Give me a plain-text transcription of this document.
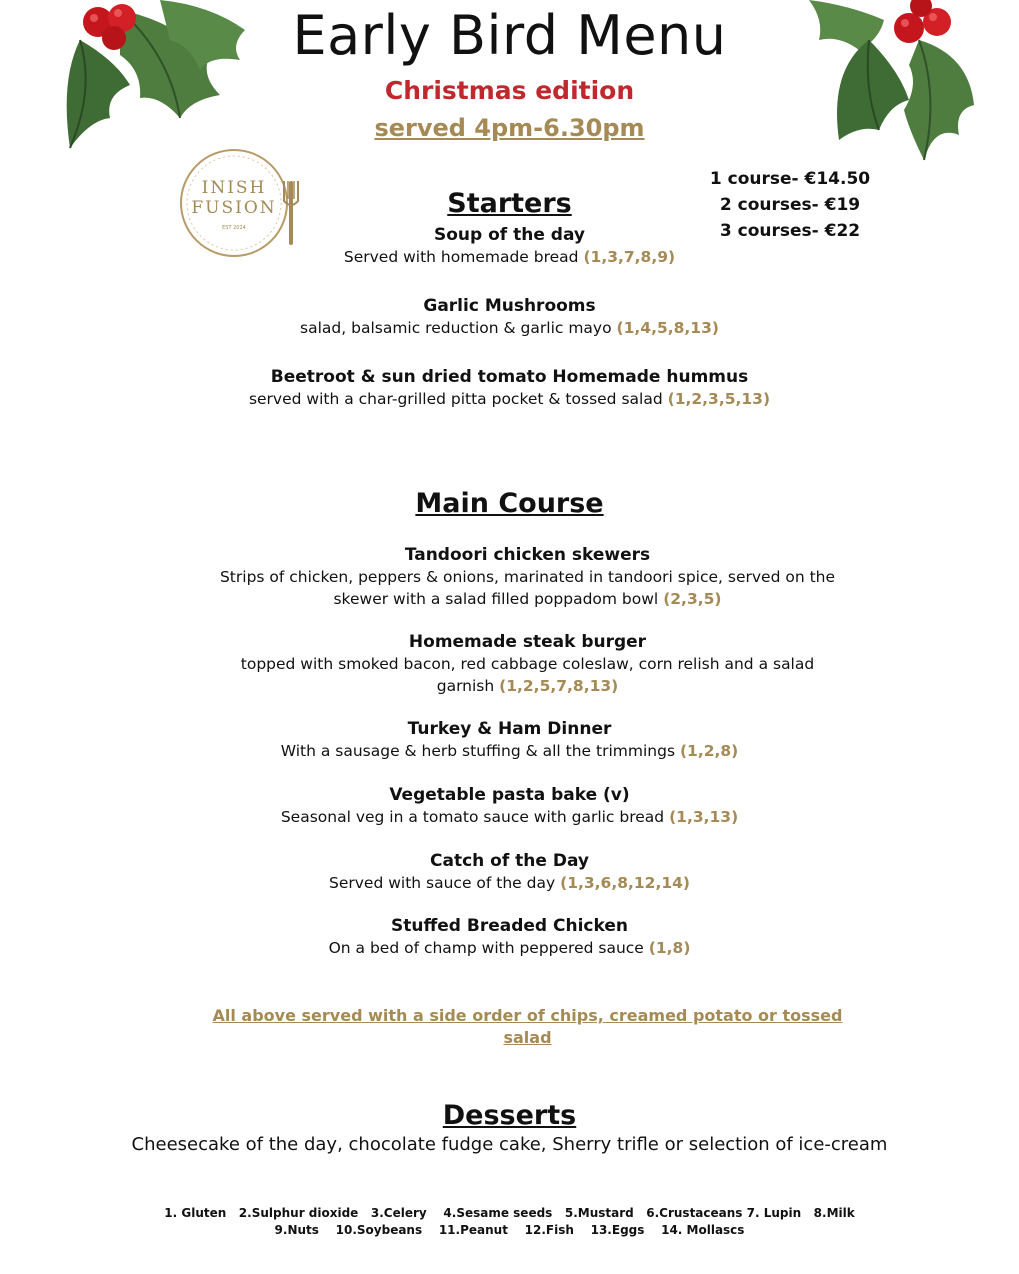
Early Bird Menu
Christmas edition
served 4pm-6.30pm
INISH
FUSION
EST 2024
1 course- €14.50
2 courses- €19
3 courses- €22
Starters
Soup of the day
Served with homemade bread (1,3,7,8,9)
Garlic Mushrooms
salad, balsamic reduction & garlic mayo (1,4,5,8,13)
Beetroot & sun dried tomato Homemade hummus
served with a char-grilled pitta pocket & tossed salad (1,2,3,5,13)
Main Course
Tandoori chicken skewers
Strips of chicken, peppers & onions, marinated in tandoori spice, served on the skewer with a salad filled poppadom bowl (2,3,5)
Homemade steak burger
topped with smoked bacon, red cabbage coleslaw, corn relish and a salad garnish (1,2,5,7,8,13)
Turkey & Ham Dinner
With a sausage & herb stuffing & all the trimmings (1,2,8)
Vegetable pasta bake (v)
Seasonal veg in a tomato sauce with garlic bread (1,3,13)
Catch of the Day
Served with sauce of the day (1,3,6,8,12,14)
Stuffed Breaded Chicken
On a bed of champ with peppered sauce (1,8)
All above served with a side order of chips, creamed potato or tossed salad
Desserts
Cheesecake of the day, chocolate fudge cake, Sherry trifle or selection of ice-cream
1. Gluten   2.Sulphur dioxide   3.Celery    4.Sesame seeds   5.Mustard   6.Crustaceans 7. Lupin   8.Milk
9.Nuts    10.Soybeans    11.Peanut    12.Fish    13.Eggs    14. Mollascs
